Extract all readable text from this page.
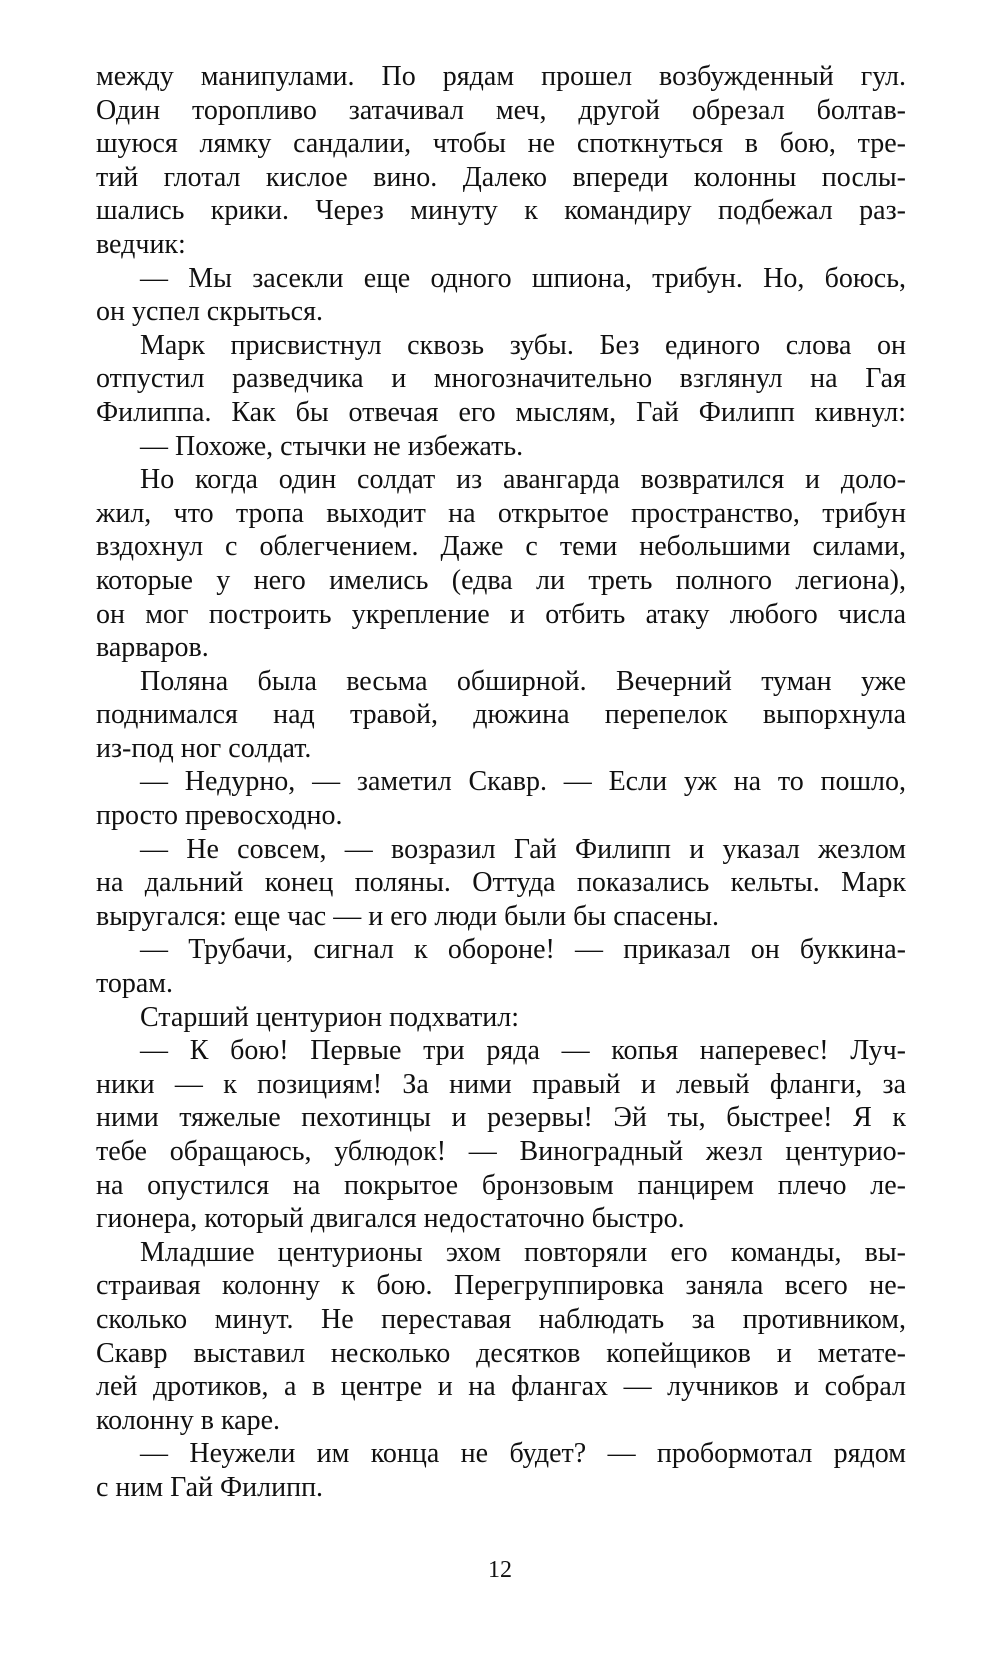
между манипулами. По рядам прошел возбужденный гул.
Один торопливо затачивал меч, другой обрезал болтав-
шуюся лямку сандалии, чтобы не споткнуться в бою, тре-
тий глотал кислое вино. Далеко впереди колонны послы-
шались крики. Через минуту к командиру подбежал раз-
ведчик:
— Мы засекли еще одного шпиона, трибун. Но, боюсь,
он успел скрыться.
Марк присвистнул сквозь зубы. Без единого слова он
отпустил разведчика и многозначительно взглянул на Гая
Филиппа. Как бы отвечая его мыслям, Гай Филипп кивнул:
— Похоже, стычки не избежать.
Но когда один солдат из авангарда возвратился и доло-
жил, что тропа выходит на открытое пространство, трибун
вздохнул с облегчением. Даже с теми небольшими силами,
которые у него имелись (едва ли треть полного легиона),
он мог построить укрепление и отбить атаку любого числа
варваров.
Поляна была весьма обширной. Вечерний туман уже
поднимался над травой, дюжина перепелок выпорхнула
из-под ног солдат.
— Недурно, — заметил Скавр. — Если уж на то пошло,
просто превосходно.
— Не совсем, — возразил Гай Филипп и указал жезлом
на дальний конец поляны. Оттуда показались кельты. Марк
выругался: еще час — и его люди были бы спасены.
— Трубачи, сигнал к обороне! — приказал он буккина-
торам.
Старший центурион подхватил:
— К бою! Первые три ряда — копья наперевес! Луч-
ники — к позициям! За ними правый и левый фланги, за
ними тяжелые пехотинцы и резервы! Эй ты, быстрее! Я к
тебе обращаюсь, ублюдок! — Виноградный жезл центурио-
на опустился на покрытое бронзовым панцирем плечо ле-
гионера, который двигался недостаточно быстро.
Младшие центурионы эхом повторяли его команды, вы-
страивая колонну к бою. Перегруппировка заняла всего не-
сколько минут. Не переставая наблюдать за противником,
Скавр выставил несколько десятков копейщиков и метате-
лей дротиков, а в центре и на флангах — лучников и собрал
колонну в каре.
— Неужели им конца не будет? — пробормотал рядом
с ним Гай Филипп.
12
